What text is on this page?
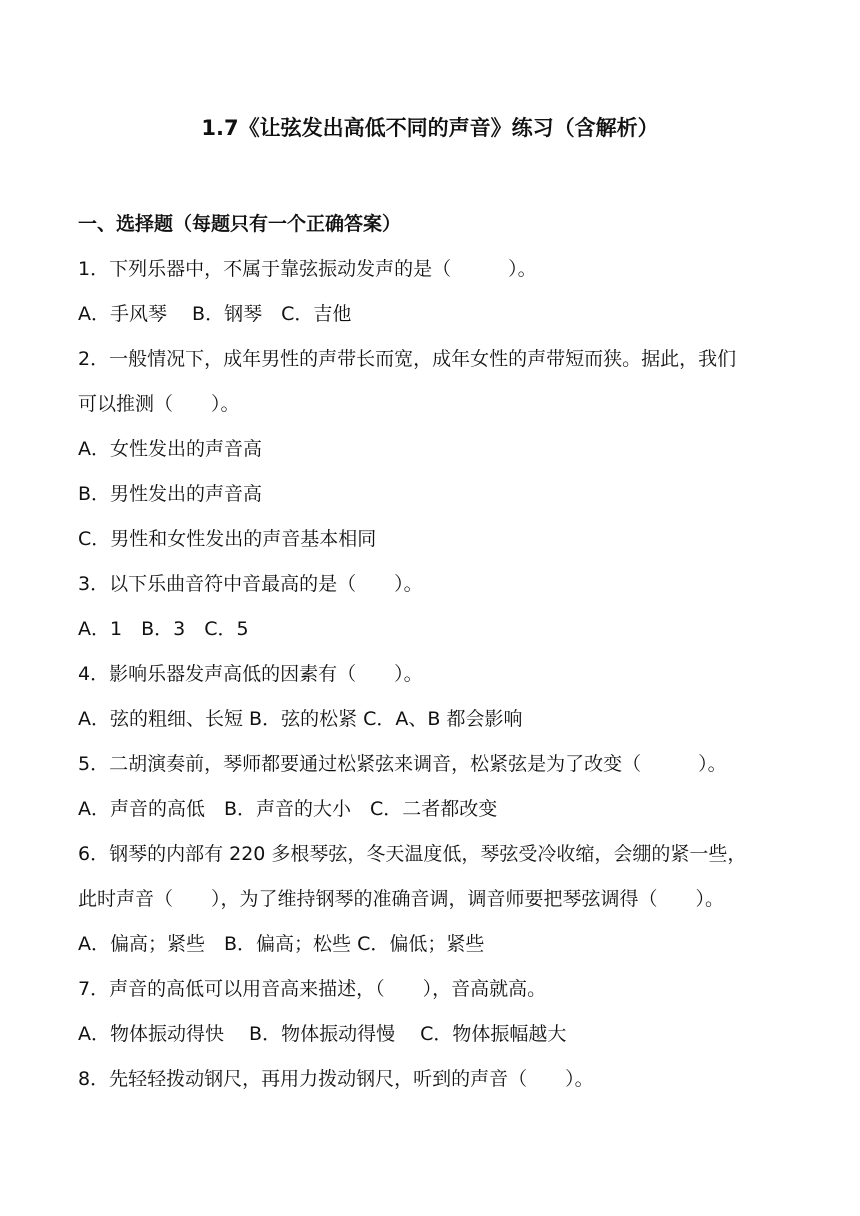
1.7《让弦发出高低不同的声音》练习（含解析）
一、选择题（每题只有一个正确答案）
1．下列乐器中，不属于靠弦振动发声的是（　　　）。
A．手风琴　 B．钢琴　C．吉他
2．一般情况下，成年男性的声带长而宽，成年女性的声带短而狭。据此，我们
可以推测（　　）。
A．女性发出的声音高
B．男性发出的声音高
C．男性和女性发出的声音基本相同
3．以下乐曲音符中音最高的是（　　）。
A．1　B．3　C．5
4．影响乐器发声高低的因素有（　　）。
A．弦的粗细、长短 B．弦的松紧 C．A、B 都会影响
5．二胡演奏前，琴师都要通过松紧弦来调音，松紧弦是为了改变（　　　）。
A．声音的高低　B．声音的大小　C．二者都改变
6．钢琴的内部有 220 多根琴弦，冬天温度低，琴弦受冷收缩，会绷的紧一些，
此时声音（　　），为了维持钢琴的准确音调，调音师要把琴弦调得（　　）。
A．偏高；紧些　B．偏高；松些 C．偏低；紧些
7．声音的高低可以用音高来描述，（　　），音高就高。
A．物体振动得快　 B．物体振动得慢　 C．物体振幅越大
8．先轻轻拨动钢尺，再用力拨动钢尺，听到的声音（　　）。
